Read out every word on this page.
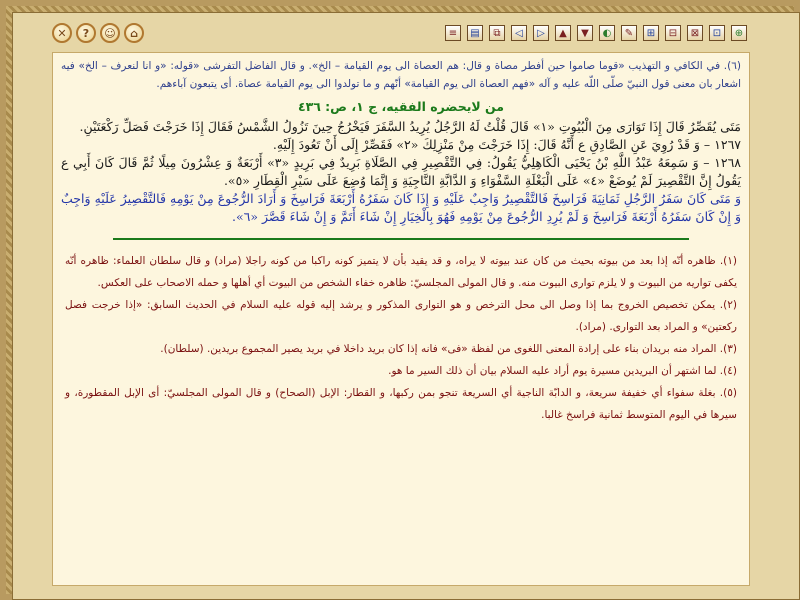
✕	?	☺	⌂	≡	▤	⧉	◁	▷	▲	▼	◐	✎	⊞	⊟	⊠	⊡	⊕

(٦). في الكافي و التهذيب «قوما صاموا حين أفطر مصاة و قال: هم العصاة الى يوم القيامة – الخ». و قال الفاضل التفرشى «قوله: «و انا لنعرف – الخ» فيه اشعار بان معنى قول النبيّ صلّى اللّه عليه و آله «فهم العصاة الى يوم القيامة» أنّهم و ما تولدوا الى يوم القيامة عصاة. أى يتبعون آباءهم.

من لايحضره الفقيه، ج ١، ص: ٤٣٦

مَتَى يُقَصِّرُ قَالَ إِذَا تَوَارَى مِنَ الْبُيُوتِ «١» قَالَ قُلْتُ لَهُ الرَّجُلُ يُرِيدُ السَّفَرَ فَيَخْرُجُ حِينَ تَزُولُ الشَّمْسُ فَقَالَ إِذَا خَرَجْتَ فَصَلِّ رَكْعَتَيْنِ.

١٢٦٧ – وَ قَدْ رُوِيَ عَنِ الصَّادِقِ ع أَنَّهُ قَالَ: إِذَا خَرَجْتَ مِنْ مَنْزِلِكَ «٢» فَقَصِّرْ إِلَى أَنْ تَعُودَ إِلَيْهِ.

١٢٦٨ – وَ سَمِعَهُ عَبْدُ اللَّهِ بْنُ يَحْيَى الْكَاهِلِيُّ يَقُولُ: فِي التَّقْصِيرِ فِي الصَّلَاةِ بَرِيدٌ فِي بَرِيدٍ «٣» أَرْبَعَةٌ وَ عِشْرُونَ مِيلًا ثُمَّ قَالَ كَانَ أَبِي ع يَقُولُ إِنَّ التَّقْصِيرَ لَمْ يُوضَعْ «٤» عَلَى الْبَغْلَةِ السَّفْوَاءِ وَ الدَّابَّةِ النَّاجِيَةِ وَ إِنَّمَا وُضِعَ عَلَى سَيْرِ الْقِطَارِ «٥».

وَ مَتَى كَانَ سَفَرُ الرَّجُلِ ثَمَانِيَةَ فَرَاسِخَ فَالتَّقْصِيرُ وَاجِبٌ عَلَيْهِ وَ إِذَا كَانَ سَفَرُهُ أَرْبَعَةَ فَرَاسِخَ وَ أَرَادَ الرُّجُوعَ مِنْ يَوْمِهِ فَالتَّقْصِيرُ عَلَيْهِ وَاجِبٌ وَ إِنْ كَانَ سَفَرُهُ أَرْبَعَةَ فَرَاسِخَ وَ لَمْ يُرِدِ الرُّجُوعَ مِنْ يَوْمِهِ فَهُوَ بِالْخِيَارِ إِنْ شَاءَ أَتَمَّ وَ إِنْ شَاءَ قَصَّرَ «٦».

(١). ظاهره أنّه إذا بعد من بيوته بحيث من كان عند بيوته لا يراه، و قد يقيد بأن لا يتميز كونه راكبا من كونه راجلا (مراد) و قال سلطان العلماء: ظاهره أنّه يكفى تواريه من البيوت و لا يلزم توارى البيوت منه. و قال المولى المجلسيّ: ظاهره خفاء الشخص من البيوت أي أهلها و حمله الاصحاب على العكس.

(٢). يمكن تخصيص الخروج بما إذا وصل الى محل الترخص و هو التوارى المذكور و يرشد إليه قوله عليه السلام في الحديث السابق: «إذا خرجت فصل ركعتين» و المراد بعد التوارى. (مراد).

(٣). المراد منه بريدان بناء على إرادة المعنى اللغوى من لفظة «فى» فانه إذا كان بريد داخلا في بريد يصير المجموع بريدين. (سلطان).

(٤). لما اشتهر أن البريدين مسيرة يوم أراد عليه السلام بيان أن ذلك السير ما هو.

(٥). بغلة سفواء أي خفيفة سريعة، و الدابّة الناجية أي السريعة تنجو بمن ركبها، و القطار: الإبل (الصحاح) و قال المولى المجلسيّ: أى الإبل المقطورة، و سيرها في اليوم المتوسط ثمانية فراسخ غالبا.
